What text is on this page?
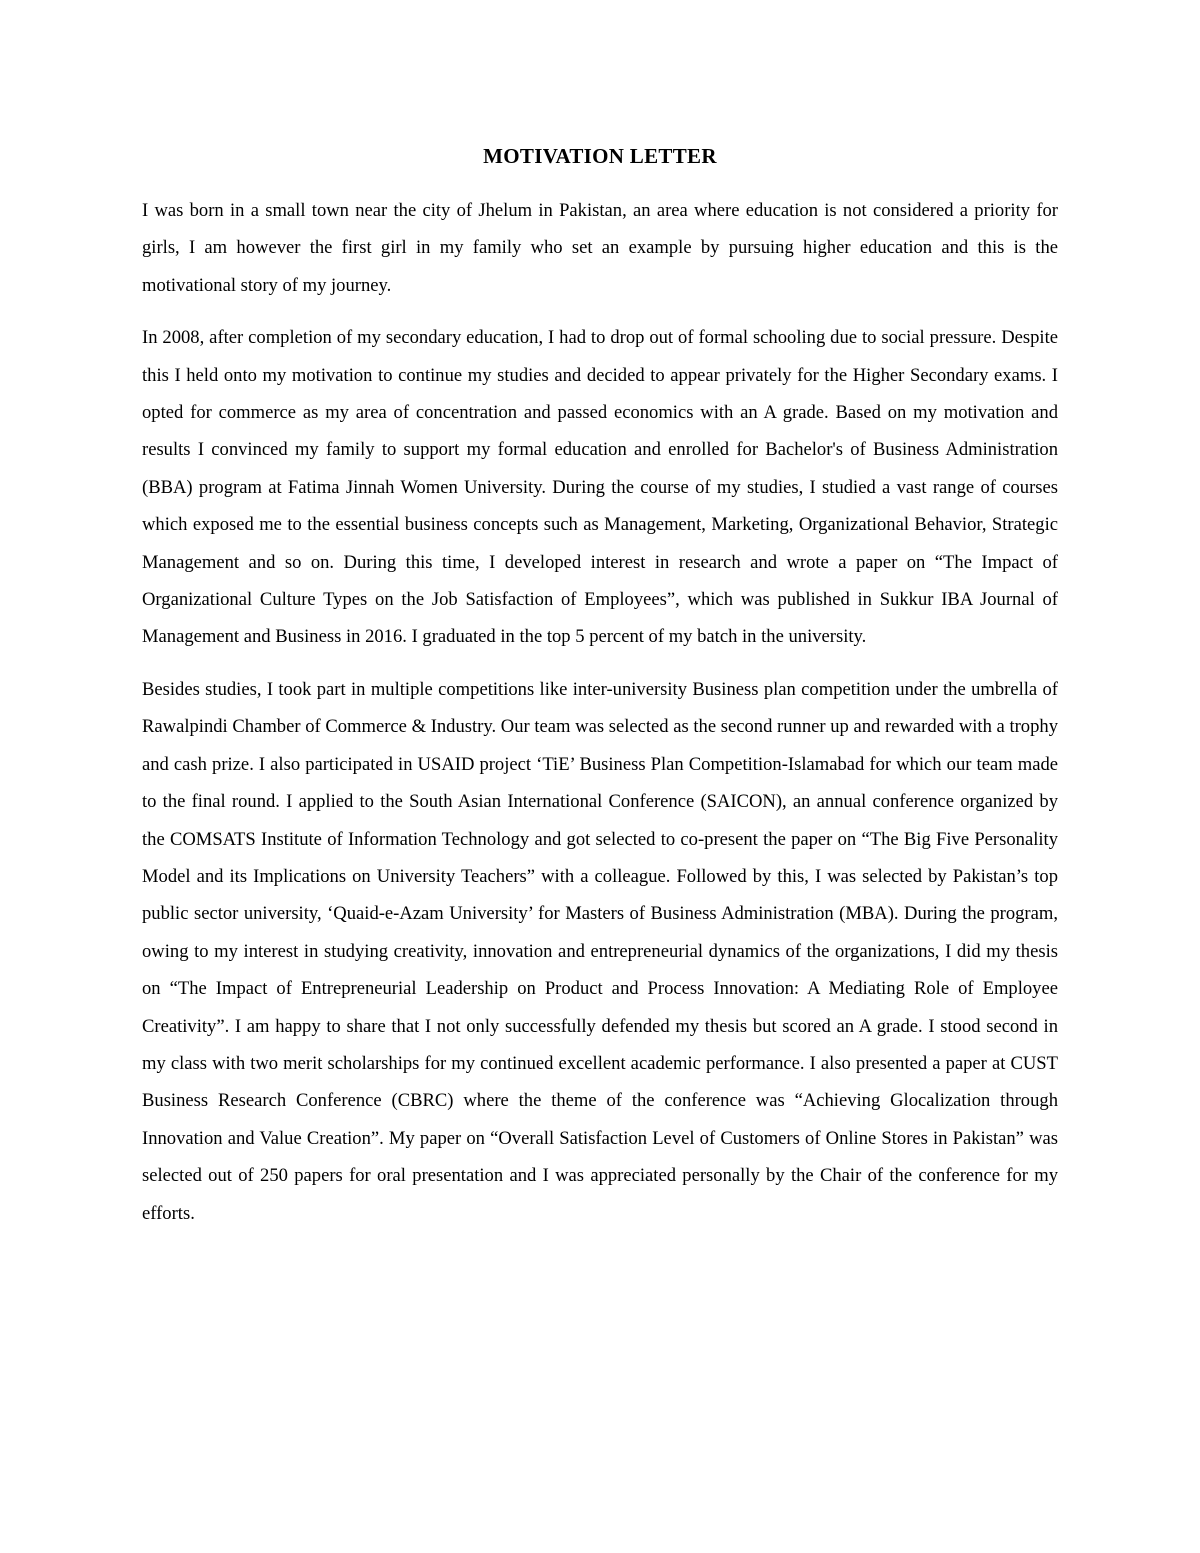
MOTIVATION LETTER

I was born in a small town near the city of Jhelum in Pakistan, an area where education is not considered a priority for girls, I am however the first girl in my family who set an example by pursuing higher education and this is the motivational story of my journey.

In 2008, after completion of my secondary education, I had to drop out of formal schooling due to social pressure. Despite this I held onto my motivation to continue my studies and decided to appear privately for the Higher Secondary exams. I opted for commerce as my area of concentration and passed economics with an A grade. Based on my motivation and results I convinced my family to support my formal education and enrolled for Bachelor's of Business Administration (BBA) program at Fatima Jinnah Women University. During the course of my studies, I studied a vast range of courses which exposed me to the essential business concepts such as Management, Marketing, Organizational Behavior, Strategic Management and so on. During this time, I developed interest in research and wrote a paper on “The Impact of Organizational Culture Types on the Job Satisfaction of Employees”, which was published in Sukkur IBA Journal of Management and Business in 2016. I graduated in the top 5 percent of my batch in the university.

Besides studies, I took part in multiple competitions like inter-university Business plan competition under the umbrella of Rawalpindi Chamber of Commerce & Industry. Our team was selected as the second runner up and rewarded with a trophy and cash prize. I also participated in USAID project ‘TiE’ Business Plan Competition-Islamabad for which our team made to the final round. I applied to the South Asian International Conference (SAICON), an annual conference organized by the COMSATS Institute of Information Technology and got selected to co-present the paper on “The Big Five Personality Model and its Implications on University Teachers” with a colleague. Followed by this, I was selected by Pakistan’s top public sector university, ‘Quaid-e-Azam University’ for Masters of Business Administration (MBA). During the program, owing to my interest in studying creativity, innovation and entrepreneurial dynamics of the organizations, I did my thesis on “The Impact of Entrepreneurial Leadership on Product and Process Innovation: A Mediating Role of Employee Creativity”. I am happy to share that I not only successfully defended my thesis but scored an A grade. I stood second in my class with two merit scholarships for my continued excellent academic performance. I also presented a paper at CUST Business Research Conference (CBRC) where the theme of the conference was “Achieving Glocalization through Innovation and Value Creation”. My paper on “Overall Satisfaction Level of Customers of Online Stores in Pakistan” was selected out of 250 papers for oral presentation and I was appreciated personally by the Chair of the conference for my efforts.
